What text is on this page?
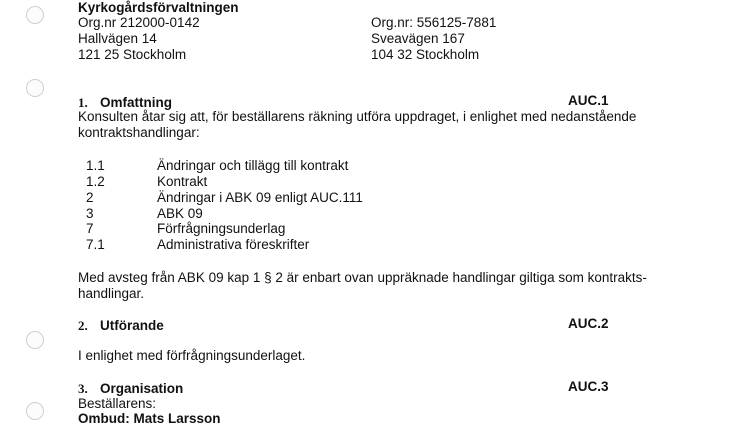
Kyrkogårdsförvaltningen
Org.nr 212000-0142
Hallvägen 14
121 25 Stockholm
Org.nr: 556125-7881
Sveavägen 167
104 32 Stockholm
1. Omfattning	AUC.1
Konsulten åtar sig att, för beställarens räkning utföra uppdraget, i enlighet med nedanstående
kontraktshandlingar:
1.1	Ändringar och tillägg till kontrakt
1.2	Kontrakt
2	Ändringar i ABK 09 enligt AUC.111
3	ABK 09
7	Förfrågningsunderlag
7.1	Administrativa föreskrifter
Med avsteg från ABK 09 kap 1 § 2 är enbart ovan uppräknade handlingar giltiga som kontrakts-
handlingar.
2. Utförande	AUC.2
I enlighet med förfrågningsunderlaget.
3. Organisation	AUC.3
Beställarens:
Ombud: Mats Larsson
